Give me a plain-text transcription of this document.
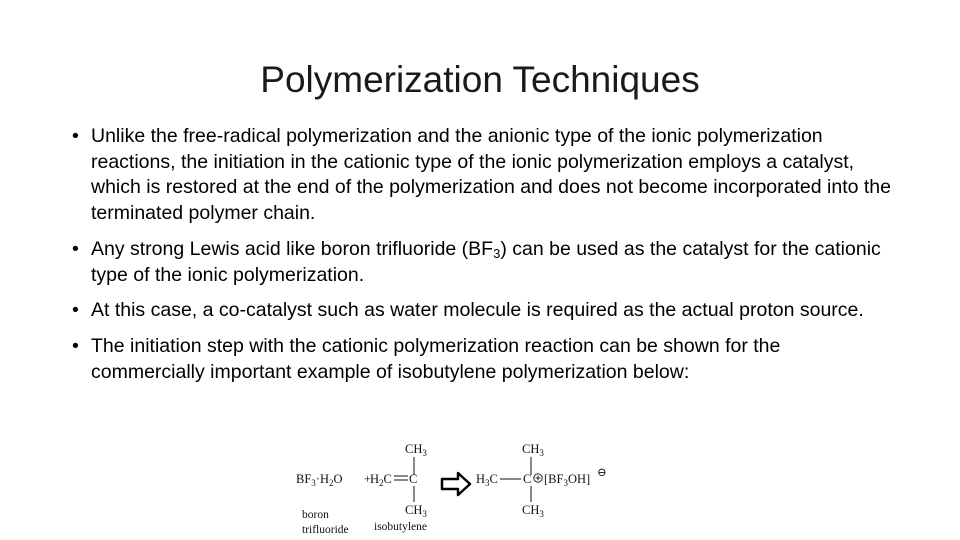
Polymerization Techniques
• Unlike the free-radical polymerization and the anionic type of the ionic polymerization reactions, the initiation in the cationic type of the ionic polymerization employs a catalyst, which is restored at the end of the polymerization and does not become incorporated into the terminated polymer chain.
• Any strong Lewis acid like boron trifluoride $(BF_3)$ can be used as the catalyst for the cationic type of the ionic polymerization.
• At this case, a co-catalyst such as water molecule is required as the actual proton source.
• The initiation step with the cationic polymerization reaction can be shown for the commercially important example of isobutylene polymerization below:
$BF_3\cdot H_2O$ +
$CH_3$
$H_2C$ C
$CH_3$
$CH_3$
$H_3C$ C $[BF_3OH]$ ⊖
$CH_3$
boron
trifluoride isobutylene
